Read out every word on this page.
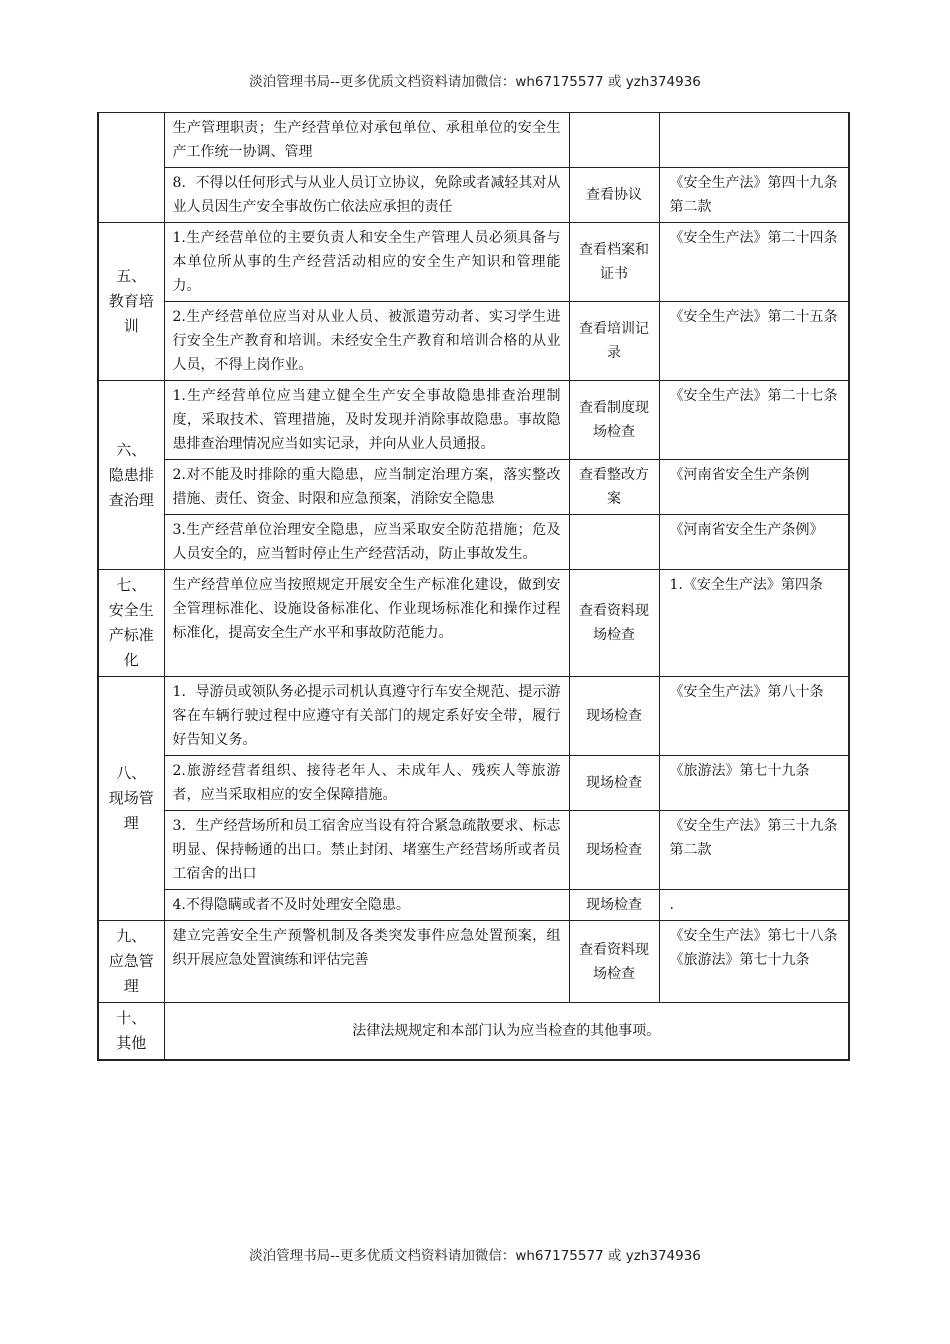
淡泊管理书局--更多优质文档资料请加微信：wh67175577 或 yzh374936
	生产管理职责；生产经营单位对承包单位、承租单位的安全生产工作统一协调、管理		
	8．不得以任何形式与从业人员订立协议，免除或者减轻其对从业人员因生产安全事故伤亡依法应承担的责任	查看协议	《安全生产法》第四十九条第二款

五、
教育培训	1.生产经营单位的主要负责人和安全生产管理人员必须具备与本单位所从事的生产经营活动相应的安全生产知识和管理能力。	查看档案和证书	《安全生产法》第二十四条
	2.生产经营单位应当对从业人员、被派遣劳动者、实习学生进行安全生产教育和培训。未经安全生产教育和培训合格的从业人员，不得上岗作业。	查看培训记录	《安全生产法》第二十五条

六、
隐患排查治理	1.生产经营单位应当建立健全生产安全事故隐患排查治理制度，采取技术、管理措施，及时发现并消除事故隐患。事故隐患排查治理情况应当如实记录，并向从业人员通报。	查看制度现场检查	《安全生产法》第二十七条
	2.对不能及时排除的重大隐患，应当制定治理方案，落实整改措施、责任、资金、时限和应急预案，消除安全隐患	查看整改方案	《河南省安全生产条例
	3.生产经营单位治理安全隐患，应当采取安全防范措施；危及人员安全的，应当暂时停止生产经营活动，防止事故发生。		《河南省安全生产条例》

七、
安全生产标准化	生产经营单位应当按照规定开展安全生产标准化建设，做到安全管理标准化、设施设备标准化、作业现场标准化和操作过程标准化，提高安全生产水平和事故防范能力。	查看资料现场检查	1.《安全生产法》第四条

八、
现场管理	1．导游员或领队务必提示司机认真遵守行车安全规范、提示游客在车辆行驶过程中应遵守有关部门的规定系好安全带，履行好告知义务。	现场检查	《安全生产法》第八十条
	2.旅游经营者组织、接待老年人、未成年人、残疾人等旅游者，应当采取相应的安全保障措施。	现场检查	《旅游法》第七十九条
	3．生产经营场所和员工宿舍应当设有符合紧急疏散要求、标志明显、保持畅通的出口。禁止封闭、堵塞生产经营场所或者员工宿舍的出口	现场检查	《安全生产法》第三十九条第二款
	4.不得隐瞒或者不及时处理安全隐患。	现场检查	.

九、
应急管理	建立完善安全生产预警机制及各类突发事件应急处置预案，组织开展应急处置演练和评估完善	查看资料现场检查	《安全生产法》第七十八条
《旅游法》第七十九条

十、
其他	法律法规规定和本部门认为应当检查的其他事项。		
淡泊管理书局--更多优质文档资料请加微信：wh67175577 或 yzh374936
